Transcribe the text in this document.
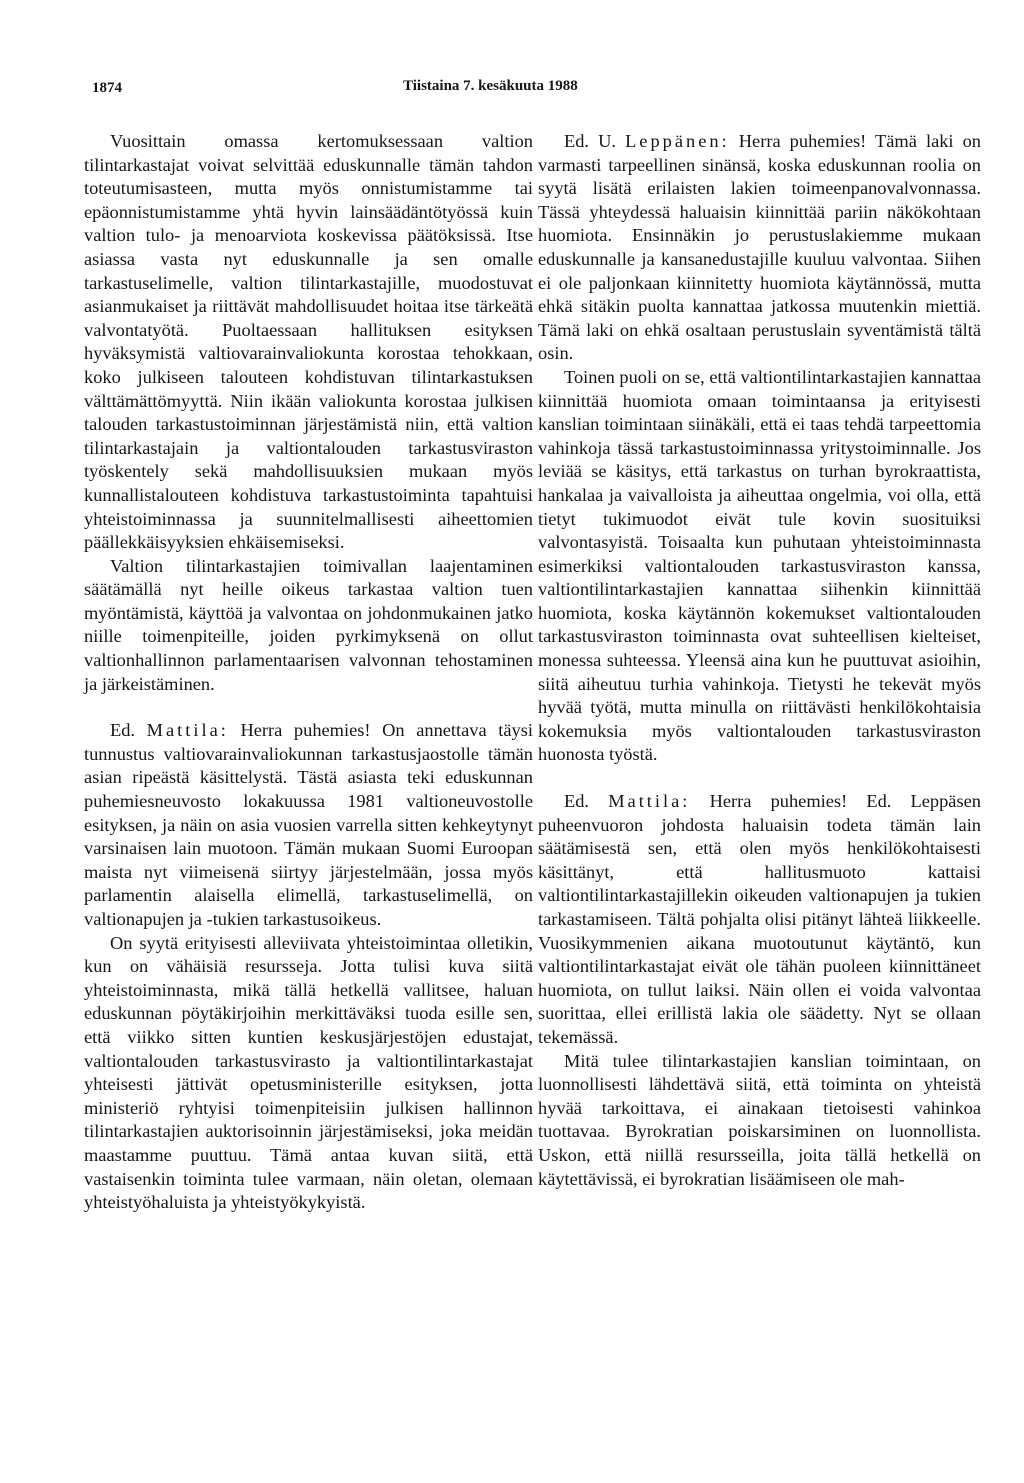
1874	Tiistaina 7. kesäkuuta 1988

Vuosittain omassa kertomuksessaan valtion tilintarkastajat voivat selvittää eduskunnalle tämän tahdon toteutumisasteen, mutta myös onnistumistamme tai epäonnistumistamme yhtä hyvin lainsäädäntötyössä kuin valtion tulo- ja menoarviota koskevissa päätöksissä. Itse asiassa vasta nyt eduskunnalle ja sen omalle tarkastuselimelle, valtion tilintarkastajille, muodostuvat asianmukaiset ja riittävät mahdollisuudet hoitaa itse tärkeätä valvontatyötä. Puoltaessaan hallituksen esityksen hyväksymistä valtiovarainvaliokunta korostaa tehokkaan, koko julkiseen talouteen kohdistuvan tilintarkastuksen välttämättömyyttä. Niin ikään valiokunta korostaa julkisen talouden tarkastustoiminnan järjestämistä niin, että valtion tilintarkastajain ja valtiontalouden tarkastusviraston työskentely sekä mahdollisuuksien mukaan myös kunnallistalouteen kohdistuva tarkastustoiminta tapahtuisi yhteistoiminnassa ja suunnitelmallisesti aiheettomien päällekkäisyyksien ehkäisemiseksi.

Valtion tilintarkastajien toimivallan laajentaminen säätämällä nyt heille oikeus tarkastaa valtion tuen myöntämistä, käyttöä ja valvontaa on johdonmukainen jatko niille toimenpiteille, joiden pyrkimyksenä on ollut valtionhallinnon parlamentaarisen valvonnan tehostaminen ja järkeistäminen.

Ed. Mattila: Herra puhemies! On annettava täysi tunnustus valtiovarainvaliokunnan tarkastusjaostolle tämän asian ripeästä käsittelystä. Tästä asiasta teki eduskunnan puhemiesneuvosto lokakuussa 1981 valtioneuvostolle esityksen, ja näin on asia vuosien varrella sitten kehkeytynyt varsinaisen lain muotoon. Tämän mukaan Suomi Euroopan maista nyt viimeisenä siirtyy järjestelmään, jossa myös parlamentin alaisella elimellä, tarkastuselimellä, on valtionapujen ja -tukien tarkastusoikeus.

On syytä erityisesti alleviivata yhteistoimintaa olletikin, kun on vähäisiä resursseja. Jotta tulisi kuva siitä yhteistoiminnasta, mikä tällä hetkellä vallitsee, haluan eduskunnan pöytäkirjoihin merkittäväksi tuoda esille sen, että viikko sitten kuntien keskusjärjestöjen edustajat, valtiontalouden tarkastusvirasto ja valtiontilintarkastajat yhteisesti jättivät opetusministerille esityksen, jotta ministeriö ryhtyisi toimenpiteisiin julkisen hallinnon tilintarkastajien auktorisoinnin järjestämiseksi, joka meidän maastamme puuttuu. Tämä antaa kuvan siitä, että vastaisenkin toiminta tulee varmaan, näin oletan, olemaan yhteistyöhaluista ja yhteistyökykyistä.

Ed. U. Leppänen: Herra puhemies! Tämä laki on varmasti tarpeellinen sinänsä, koska eduskunnan roolia on syytä lisätä erilaisten lakien toimeenpanovalvonnassa. Tässä yhteydessä haluaisin kiinnittää pariin näkökohtaan huomiota. Ensinnäkin jo perustuslakiemme mukaan eduskunnalle ja kansanedustajille kuuluu valvontaa. Siihen ei ole paljonkaan kiinnitetty huomiota käytännössä, mutta ehkä sitäkin puolta kannattaa jatkossa muutenkin miettiä. Tämä laki on ehkä osaltaan perustuslain syventämistä tältä osin.

Toinen puoli on se, että valtiontilintarkastajien kannattaa kiinnittää huomiota omaan toimintaansa ja erityisesti kanslian toimintaan siinäkäli, että ei taas tehdä tarpeettomia vahinkoja tässä tarkastustoiminnassa yritystoiminnalle. Jos leviää se käsitys, että tarkastus on turhan byrokraattista, hankalaa ja vaivalloista ja aiheuttaa ongelmia, voi olla, että tietyt tukimuodot eivät tule kovin suosituiksi valvontasyistä. Toisaalta kun puhutaan yhteistoiminnasta esimerkiksi valtiontalouden tarkastusviraston kanssa, valtiontilintarkastajien kannattaa siihenkin kiinnittää huomiota, koska käytännön kokemukset valtiontalouden tarkastusviraston toiminnasta ovat suhteellisen kielteiset, monessa suhteessa. Yleensä aina kun he puuttuvat asioihin, siitä aiheutuu turhia vahinkoja. Tietysti he tekevät myös hyvää työtä, mutta minulla on riittävästi henkilökohtaisia kokemuksia myös valtiontalouden tarkastusviraston huonosta työstä.

Ed. Mattila: Herra puhemies! Ed. Leppäsen puheenvuoron johdosta haluaisin todeta tämän lain säätämisestä sen, että olen myös henkilökohtaisesti käsittänyt, että hallitusmuoto kattaisi valtiontilintarkastajillekin oikeuden valtionapujen ja tukien tarkastamiseen. Tältä pohjalta olisi pitänyt lähteä liikkeelle. Vuosikymmenien aikana muotoutunut käytäntö, kun valtiontilintarkastajat eivät ole tähän puoleen kiinnittäneet huomiota, on tullut laiksi. Näin ollen ei voida valvontaa suorittaa, ellei erillistä lakia ole säädetty. Nyt se ollaan tekemässä.

Mitä tulee tilintarkastajien kanslian toimintaan, on luonnollisesti lähdettävä siitä, että toiminta on yhteistä hyvää tarkoittava, ei ainakaan tietoisesti vahinkoa tuottavaa. Byrokratian poiskarsiminen on luonnollista. Uskon, että niillä resursseilla, joita tällä hetkellä on käytettävissä, ei byrokratian lisäämiseen ole mah-
